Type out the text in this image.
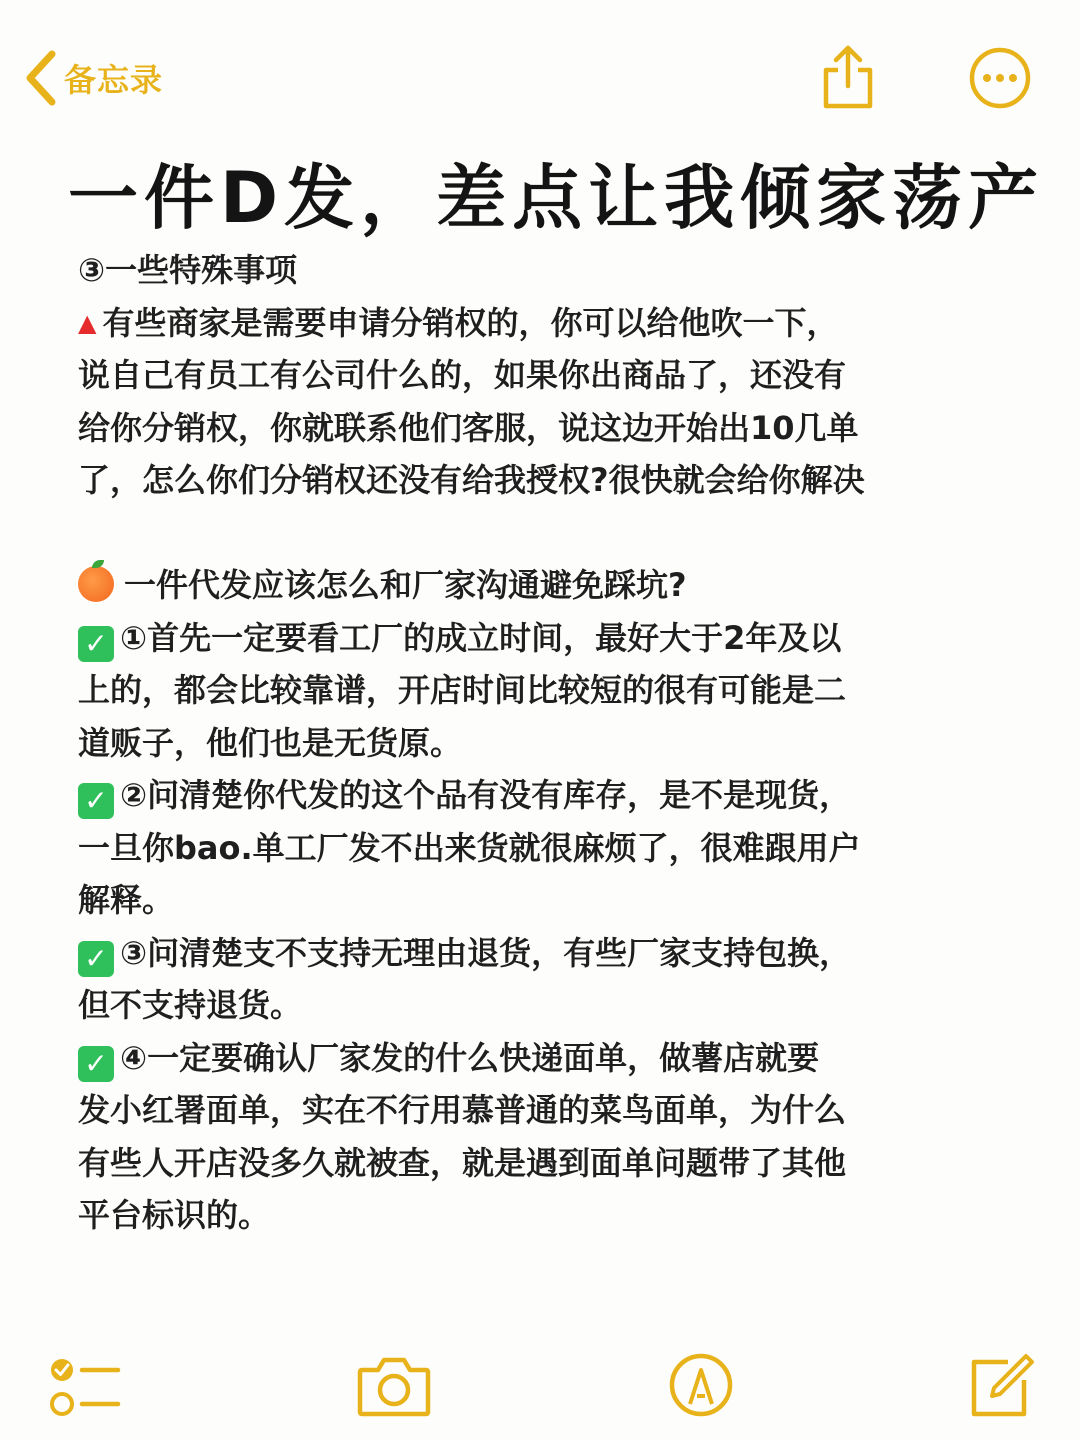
备忘录
一件D发，差点让我倾家荡产

③一些特殊事项

▲ 有些商家是需要申请分销权的，你可以给他吹一下，

说自己有员工有公司什么的，如果你出商品了，还没有

给你分销权，你就联系他们客服，说这边开始出10几单

了，怎么你们分销权还没有给我授权?很快就会给你解决

一件代发应该怎么和厂家沟通避免踩坑?

✓ ①首先一定要看工厂的成立时间，最好大于2年及以

上的，都会比较靠谱，开店时间比较短的很有可能是二

道贩子，他们也是无货原。

✓ ②问清楚你代发的这个品有没有库存，是不是现货，

一旦你bao.单工厂发不出来货就很麻烦了，很难跟用户

解释。

✓ ③问清楚支不支持无理由退货，有些厂家支持包换，

但不支持退货。

✓ ④一定要确认厂家发的什么快递面单，做薯店就要

发小红署面单，实在不行用慕普通的菜鸟面单，为什么

有些人开店没多久就被查，就是遇到面单问题带了其他

平台标识的。
